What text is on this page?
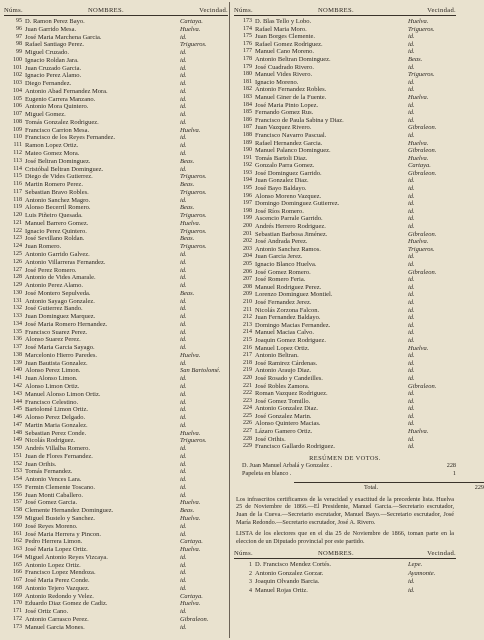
Núms.	NOMBRES.	Vecindad.
95 D. Ramon Perez Bayo.	Cartaya.
96 Juan Garrido Mesa.	Huelva.
97 José Maria Marchena Garcia.	id.
98 Rafael Santiago Perez.	Trigueros.
99 Miguel Cruzado.	id.
100 Ignacio Roldan Jara.	id.
101 Juan Cruzado Garcia.	id.
102 Ignacio Perez Alamo.	id.
103 Diego Fernandez.	id.
104 Antonio Abad Fernandez Mora.	id.
105 Eugenio Carrera Manzano.	id.
106 Antonio Mora Quintero.	id.
107 Miguel Gomez.	id.
108 Tomás Gonzalez Rodriguez.	id.
109 Francisco Carrion Mesa.	Huelva.
110 Francisco de los Reyes Fernandez.	id.
111 Ramon Lopez Ortiz.	id.
112 Mateo Gomez Mora.	id.
113 José Beltran Dominguez.	Beas.
114 Cristóbal Beltran Dominguez.	id.
115 Diego de Vides Gutierrez.	Trigueros.
116 Martin Romero Perez.	Beas.
117 Sebastian Bravo Robles.	Trigueros.
118 Antonio Sanchez Magro.	id.
119 Alonso Becerril Romero.	Beas.
120 Luis Piñeiro Quesada.	Trigueros.
121 Manuel Barrero Gomez.	Huelva.
122 Ignacio Perez Quintero.	Trigueros.
123 José Sevillano Roldan.	Beas.
124 Juan Romero.	Trigueros.
125 Antonio Garrido Galvez.	id.
126 Antonio Villarreras Fernandez.	id.
127 José Perez Romero.	id.
128 Antonio de Vides Amarale.	id.
129 Antonio Perez Alamo.	id.
130 José Montero Sepulveda.	Beas.
131 Antonio Sayago Gonzalez.	id.
132 José Gutierrez Bando.	id.
133 Juan Dominguez Marquez.	id.
134 José Maria Romero Hernandez.	id.
135 Francisco Suarez Perez.	id.
136 Alonso Suarez Perez.	id.
137 José Maria Garcia Sayago.	id.
138 Marcelonio Hierro Paredes.	Huelva.
139 Juan Bautista Gonzalez.	id.
140 Alonso Perez Limon.	San Bartolomé.
141 Juan Alonso Limon.	id.
142 Alonso Limon Ortiz.	id.
143 Manuel Alonso Limon Ortiz.	id.
144 Francisco Celestino.	id.
145 Bartolomé Limon Ortiz.	id.
146 Alonso Perez Delgado.	id.
147 Martin Maria Gonzalez.	id.
148 Sebastian Perez Conde.	Huelva.
149 Nicolás Rodriguez.	Trigueros.
150 Andrés Villalba Romero.	id.
151 Juan de Flores Fernandez.	id.
152 Juan Orihis.	id.
153 Tomás Fernandez.	id.
154 Antonio Vences Lara.	id.
155 Fermin Clemente Toscano.	id.
156 Juan Monti Caballero.	id.
157 José Gomez Garcia.	Huelva.
158 Clemente Hernandez Dominguez.	Beas.
159 Miguel Bustelo y Sanchez.	Huelva.
160 José Reyes Moreno.	id.
161 José Maria Herrera y Pincon.	id.
162 Pedro Herrera Limon.	Cartaya.
163 José Maria Lopez Ortiz.	Huelva.
164 Miguel Antonio Reyes Vizcaya.	id.
165 Antonio Lopez Ortiz.	id.
166 Francisco Lopez Mendoza.	id.
167 José Maria Perez Conde.	id.
168 Antonio Tejero Vazquez.	id.
169 Antonio Redondo y Velez.	Cartaya.
170 Eduardo Diaz Gomez de Cadiz.	Huelva.
171 José Ortiz Cano.	id.
172 Antonio Carrasco Perez.	Gibraleon.
173 Manuel Garcia Mones.	id.
Núms.	NOMBRES.	Vecindad.
173 D. Blas Tello y Lobo.	Huelva.
174 Rafael Maria Moro.	Trigueros.
175 Juan Borges Clemente.	id.
176 Rafael Gomez Rodriguez.	id.
177 Manuel Cano Moreno.	id.
178 Antonio Beltran Dominguez.	Beas.
179 José Cuadrado Rivero.	id.
180 Manuel Vides Rivero.	Trigueros.
181 Ignacio Moreno.	id.
182 Antonio Fernandez Robles.	id.
183 Manuel Giner de la Fuente.	Huelva.
184 José Maria Pinto Lopez.	id.
185 Fernando Gomez Rus.	id.
186 Francisco de Paula Sabina y Diaz.	id.
187 Juan Vazquez Rivero.	Gibraleon.
188 Francisco Navarro Pascual.	id.
189 Rafael Hernandez Garcia.	Huelva.
190 Manuel Palanco Dominguez.	Gibraleon.
191 Tomás Bartoli Diaz.	Huelva.
192 Gonzalo Parra Gomez.	Cartaya.
193 José Dominguez Garrido.	Gibraleon.
194 Juan Gonzalez Diaz.	id.
195 José Bayo Baldayo.	id.
196 Alonso Moreno Vazquez.	id.
197 Domingo Dominguez Gutierrez.	id.
198 José Ríos Romero.	id.
199 Ascencio Parrale Garrido.	id.
200 Andrés Herrero Rodriguez.	id.
201 Sebastian Barbosa Jiménez.	Gibraleon.
202 José Andrada Perez.	Huelva.
203 Antonio Sanchez Ramos.	Trigueros.
204 Juan Garcia Jerez.	id.
205 Ignacio Blanco Huelva.	id.
206 José Gomez Romero.	Gibraleon.
207 José Romero Feria.	id.
208 Manuel Rodriguez Perez.	id.
209 Lorenzo Dominguez Montiel.	id.
210 José Fernandez Jerez.	id.
211 Nicolás Zorzona Falcon.	id.
212 Juan Fernandez Baldayo.	id.
213 Domingo Macias Fernandez.	id.
214 Manuel Macias Calvo.	id.
215 Joaquin Gomez Rodriguez.	id.
216 Manuel Lopez Ortiz.	Huelva.
217 Antonio Beltran.	id.
218 José Ramirez Cárdenas.	id.
219 Antonio Araujo Diaz.	id.
220 José Rosado y Candeilles.	id.
221 José Robles Zamora.	Gibraleon.
222 Roman Vazquez Rodriguez.	id.
223 José Gomez Tomillo.	id.
224 Antonio Gonzalez Diaz.	id.
225 José Gonzalez Marin.	id.
226 Alonso Quintero Macias.	id.
227 Lázaro Gamero Ortiz.	Huelva.
228 José Orihis.	id.
229 Francisco Gallardo Rodriguez.	id.
RESÚMEN DE VOTOS.
D. Juan Manuel Arbalá y Gonzalez .	228
Papeleta en blanco .	1
Total.	229
Los infrascritos certificamos de la veracidad y exactitud de la precedente lista. Huelva 25 de Noviembre de 1866.—El Presidente, Manuel Garcia.—Secretario escrutador, Juan de la Cueva.—Secretario escrutador, Manuel Bayo.—Secretario escrutador, José María Redondo.—Secretario escrutador, José A. Rivero.
LISTA de los electores que en el dia 25 de Noviembre de 1866, toman parte en la eleccion de un Diputado provincial por este partido.
Núms.	NOMBRES.	Vecindad.
1 D. Francisco Mendez Cortés.	Lepe.
2 Antonio Gonzalez Gorzar.	Ayamonte.
3 Joaquin Olvando Barcia.	id.
4 Manuel Rojas Ortiz.	id.
